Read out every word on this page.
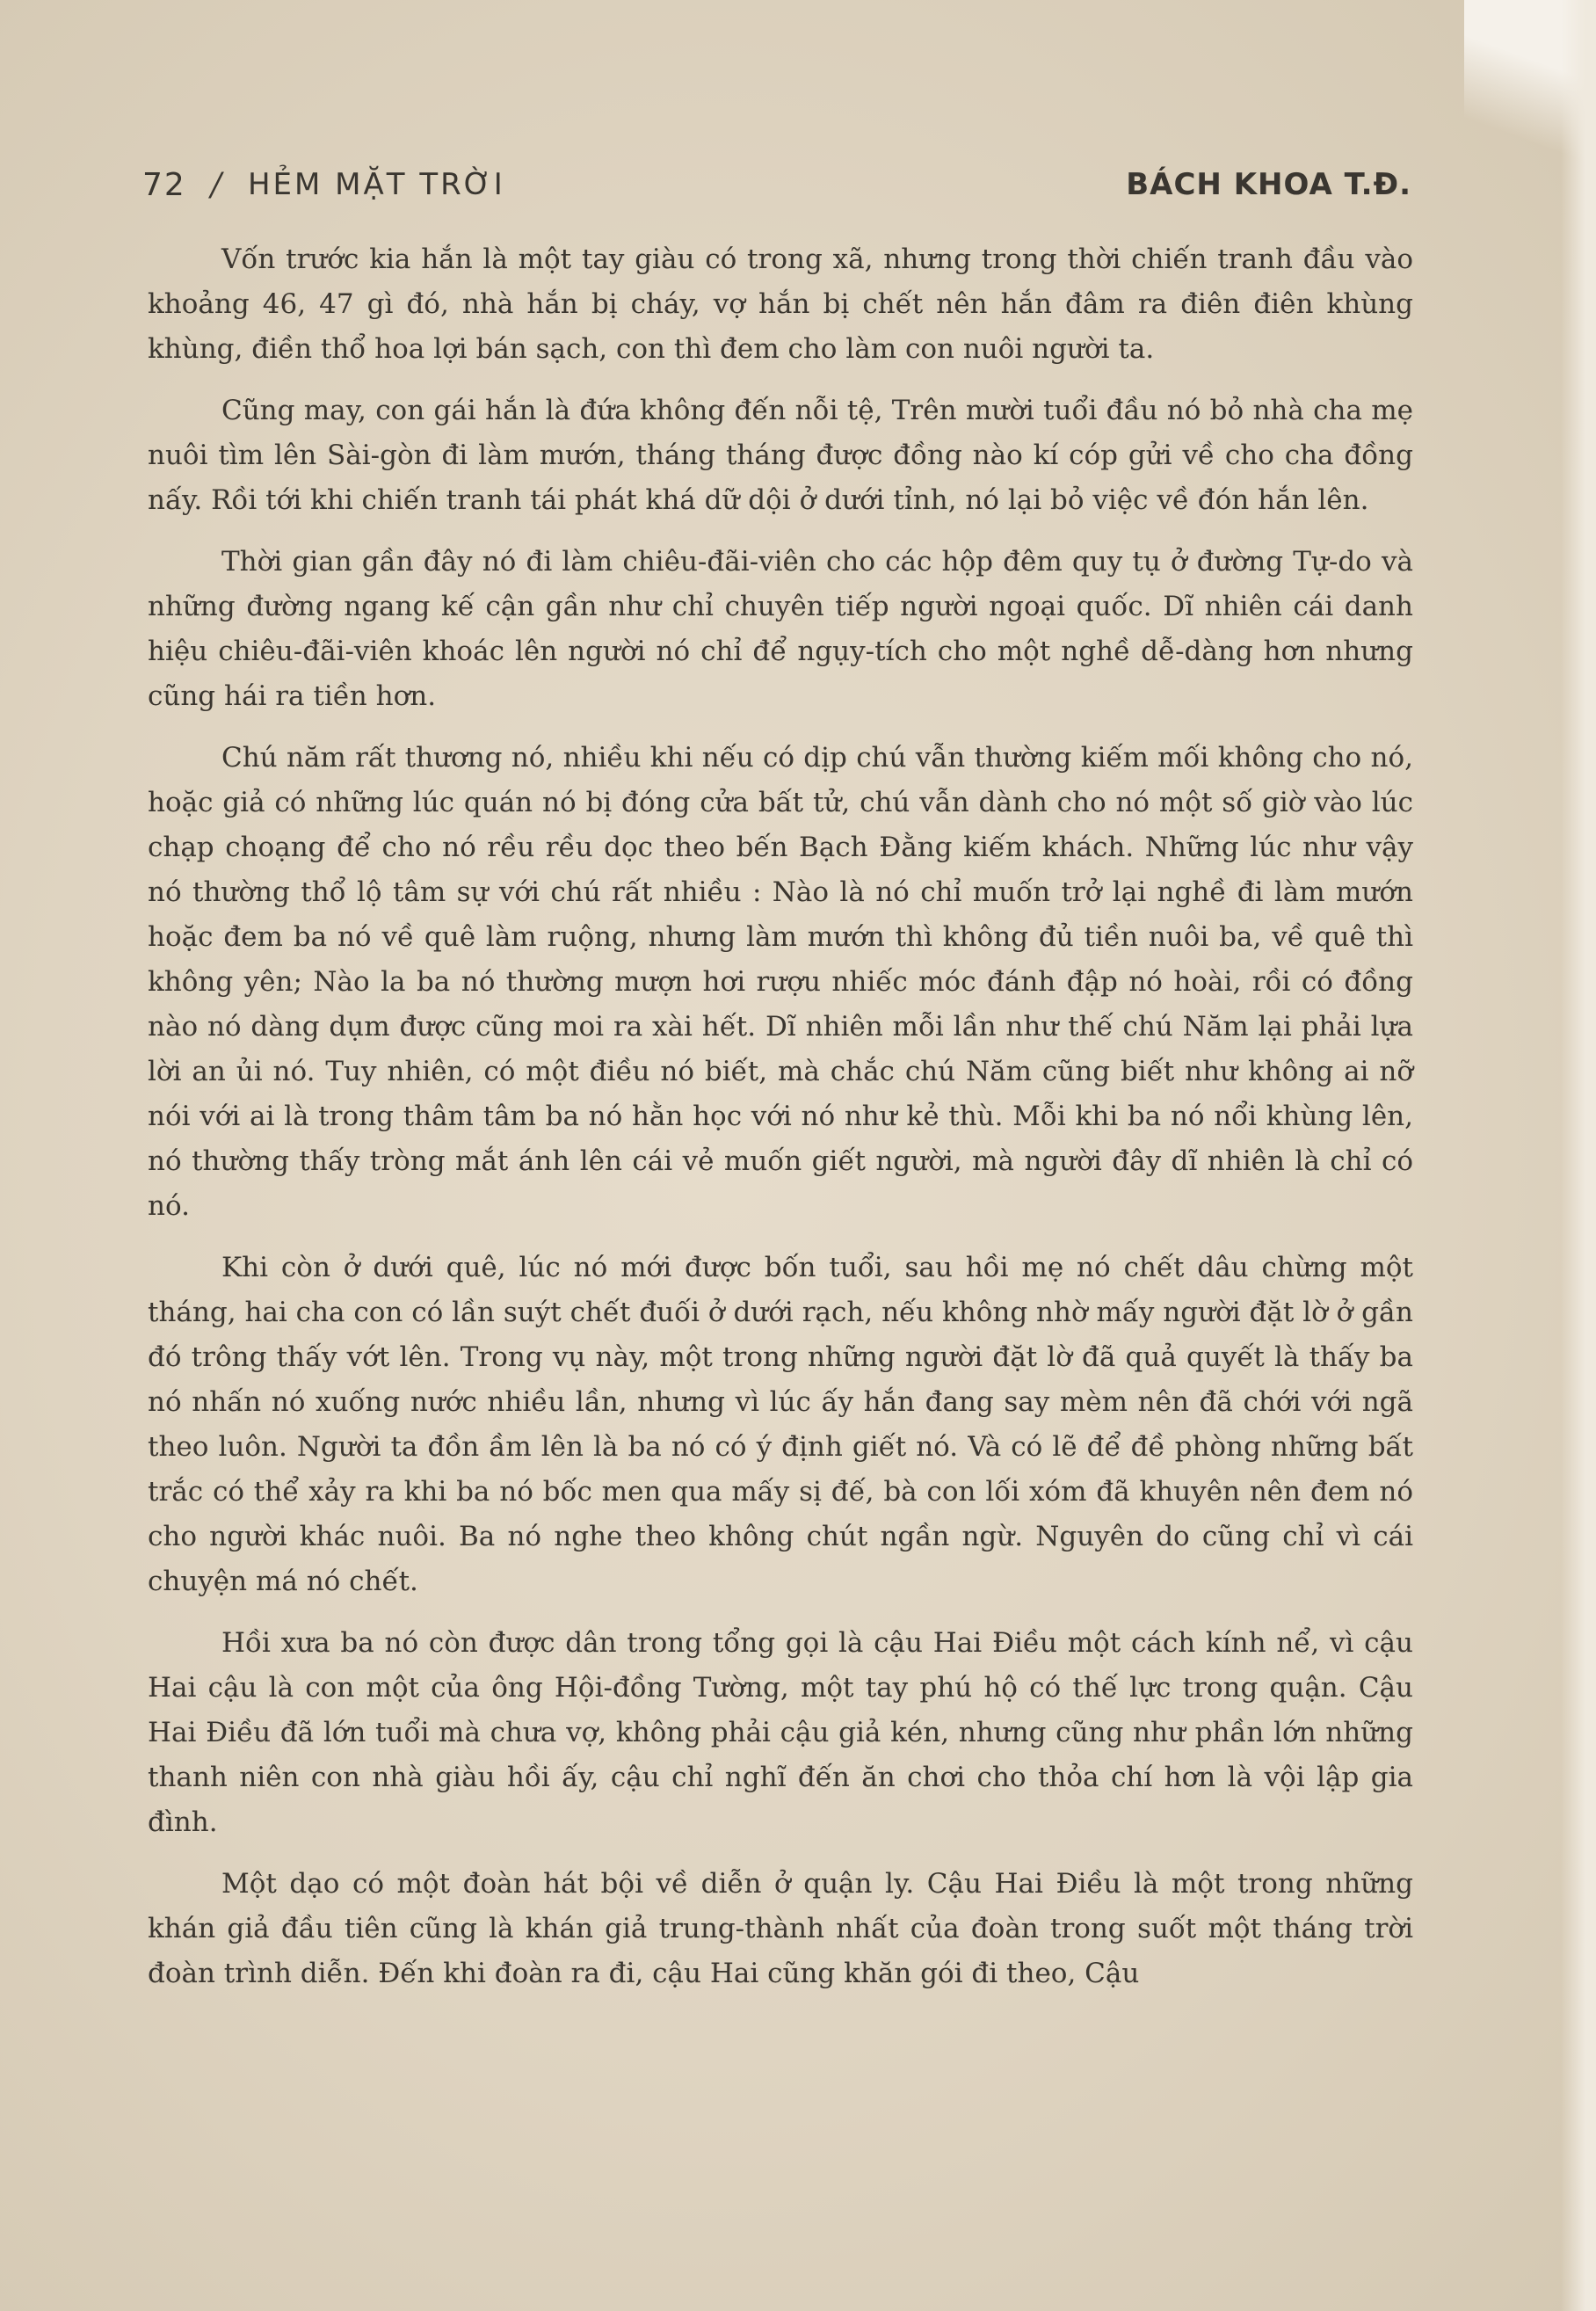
72 / HẺM MẶT TRỜI	BÁCH KHOA T.Đ.

Vốn trước kia hắn là một tay giàu có trong xã, nhưng trong thời chiến tranh đầu vào khoảng 46, 47 gì đó, nhà hắn bị cháy, vợ hắn bị chết nên hắn đâm ra điên điên khùng khùng, điền thổ hoa lợi bán sạch, con thì đem cho làm con nuôi người ta.

Cũng may, con gái hắn là đứa không đến nỗi tệ, Trên mười tuổi đầu nó bỏ nhà cha mẹ nuôi tìm lên Sài-gòn đi làm mướn, tháng tháng được đồng nào kí cóp gửi về cho cha đồng nấy. Rồi tới khi chiến tranh tái phát khá dữ dội ở dưới tỉnh, nó lại bỏ việc về đón hắn lên.

Thời gian gần đây nó đi làm chiêu-đãi-viên cho các hộp đêm quy tụ ở đường Tự-do và những đường ngang kế cận gần như chỉ chuyên tiếp người ngoại quốc. Dĩ nhiên cái danh hiệu chiêu-đãi-viên khoác lên người nó chỉ để ngụy-tích cho một nghề dễ-dàng hơn nhưng cũng hái ra tiền hơn.

Chú năm rất thương nó, nhiều khi nếu có dịp chú vẫn thường kiếm mối không cho nó, hoặc giả có những lúc quán nó bị đóng cửa bất tử, chú vẫn dành cho nó một số giờ vào lúc chạp choạng để cho nó rều rều dọc theo bến Bạch Đằng kiếm khách. Những lúc như vậy nó thường thổ lộ tâm sự với chú rất nhiều : Nào là nó chỉ muốn trở lại nghề đi làm mướn hoặc đem ba nó về quê làm ruộng, nhưng làm mướn thì không đủ tiền nuôi ba, về quê thì không yên; Nào la ba nó thường mượn hơi rượu nhiếc móc đánh đập nó hoài, rồi có đồng nào nó dàng dụm được cũng moi ra xài hết. Dĩ nhiên mỗi lần như thế chú Năm lại phải lựa lời an ủi nó. Tuy nhiên, có một điều nó biết, mà chắc chú Năm cũng biết như không ai nỡ nói với ai là trong thâm tâm ba nó hằn học với nó như kẻ thù. Mỗi khi ba nó nổi khùng lên, nó thường thấy tròng mắt ánh lên cái vẻ muốn giết người, mà người đây dĩ nhiên là chỉ có nó.

Khi còn ở dưới quê, lúc nó mới được bốn tuổi, sau hồi mẹ nó chết dâu chừng một tháng, hai cha con có lần suýt chết đuối ở dưới rạch, nếu không nhờ mấy người đặt lờ ở gần đó trông thấy vớt lên. Trong vụ này, một trong những người đặt lờ đã quả quyết là thấy ba nó nhấn nó xuống nước nhiều lần, nhưng vì lúc ấy hắn đang say mèm nên đã chới với ngã theo luôn. Người ta đồn ầm lên là ba nó có ý định giết nó. Và có lẽ để đề phòng những bất trắc có thể xảy ra khi ba nó bốc men qua mấy sị đế, bà con lối xóm đã khuyên nên đem nó cho người khác nuôi. Ba nó nghe theo không chút ngần ngừ. Nguyên do cũng chỉ vì cái chuyện má nó chết.

Hồi xưa ba nó còn được dân trong tổng gọi là cậu Hai Điều một cách kính nể, vì cậu Hai cậu là con một của ông Hội-đồng Tường, một tay phú hộ có thế lực trong quận. Cậu Hai Điều đã lớn tuổi mà chưa vợ, không phải cậu giả kén, nhưng cũng như phần lớn những thanh niên con nhà giàu hồi ấy, cậu chỉ nghĩ đến ăn chơi cho thỏa chí hơn là vội lập gia đình.

Một dạo có một đoàn hát bội về diễn ở quận ly. Cậu Hai Điều là một trong những khán giả đầu tiên cũng là khán giả trung-thành nhất của đoàn trong suốt một tháng trời đoàn trình diễn. Đến khi đoàn ra đi, cậu Hai cũng khăn gói đi theo, Cậu
